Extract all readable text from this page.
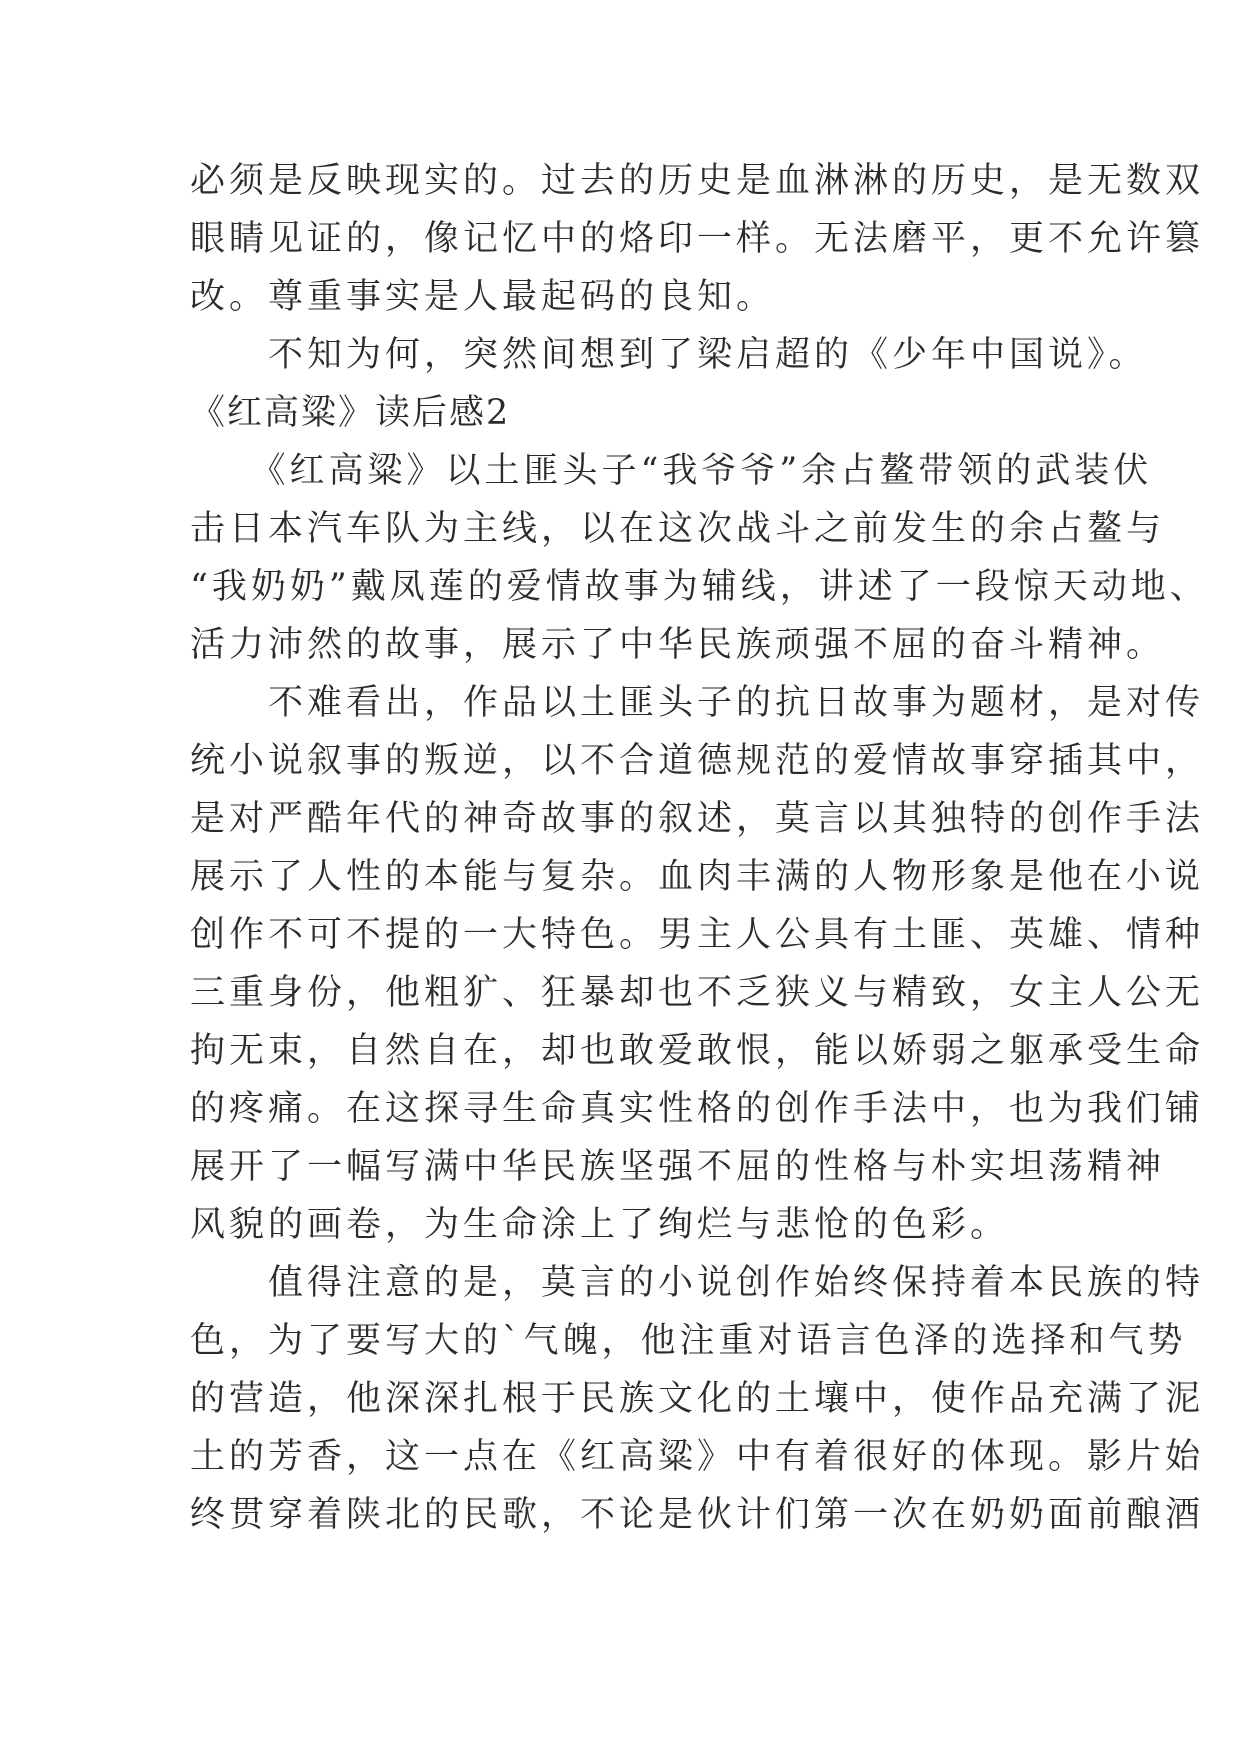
必须是反映现实的。过去的历史是血淋淋的历史，是无数双
眼睛见证的，像记忆中的烙印一样。无法磨平，更不允许篡
改。尊重事实是人最起码的良知。
　　不知为何，突然间想到了梁启超的《少年中国说》。
《红高粱》读后感2
　　《红高粱》以土匪头子“我爷爷”余占鳌带领的武装伏
击日本汽车队为主线，以在这次战斗之前发生的余占鳌与
“我奶奶”戴凤莲的爱情故事为辅线，讲述了一段惊天动地、
活力沛然的故事，展示了中华民族顽强不屈的奋斗精神。
　　不难看出，作品以土匪头子的抗日故事为题材，是对传
统小说叙事的叛逆，以不合道德规范的爱情故事穿插其中，
是对严酷年代的神奇故事的叙述，莫言以其独特的创作手法
展示了人性的本能与复杂。血肉丰满的人物形象是他在小说
创作不可不提的一大特色。男主人公具有土匪、英雄、情种
三重身份，他粗犷、狂暴却也不乏狭义与精致，女主人公无
拘无束，自然自在，却也敢爱敢恨，能以娇弱之躯承受生命
的疼痛。在这探寻生命真实性格的创作手法中，也为我们铺
展开了一幅写满中华民族坚强不屈的性格与朴实坦荡精神
风貌的画卷，为生命涂上了绚烂与悲怆的色彩。
　　值得注意的是，莫言的小说创作始终保持着本民族的特
色，为了要写大的`气魄，他注重对语言色泽的选择和气势
的营造，他深深扎根于民族文化的土壤中，使作品充满了泥
土的芳香，这一点在《红高粱》中有着很好的体现。影片始
终贯穿着陕北的民歌，不论是伙计们第一次在奶奶面前酿酒
